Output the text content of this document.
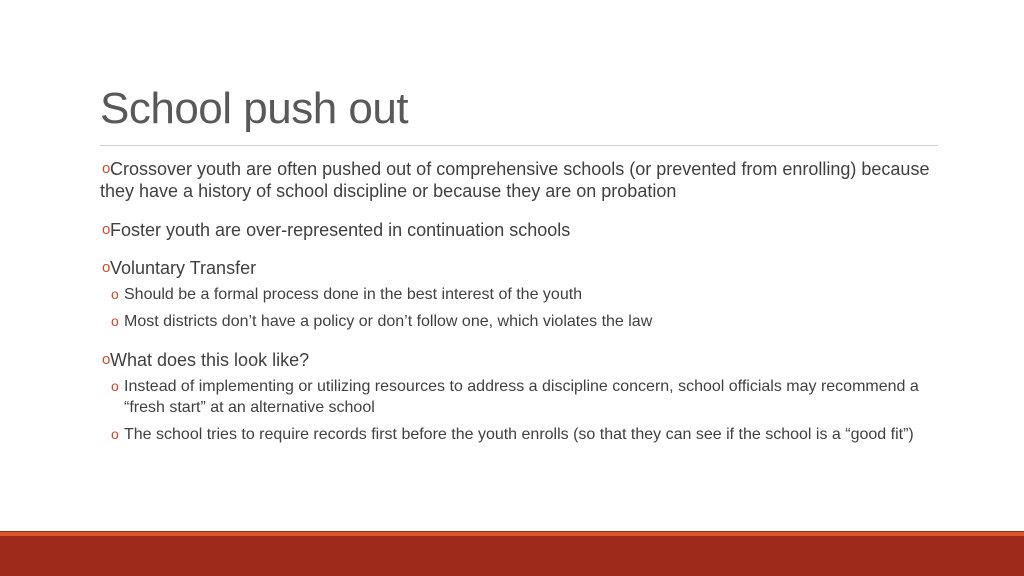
School push out
o Crossover youth are often pushed out of comprehensive schools (or prevented from enrolling) because they have a history of school discipline or because they are on probation
o Foster youth are over-represented in continuation schools
o Voluntary Transfer
o Should be a formal process done in the best interest of the youth
o Most districts don’t have a policy or don’t follow one, which violates the law
o What does this look like?
o Instead of implementing or utilizing resources to address a discipline concern, school officials may recommend a “fresh start” at an alternative school
o The school tries to require records first before the youth enrolls (so that they can see if the school is a “good fit”)
